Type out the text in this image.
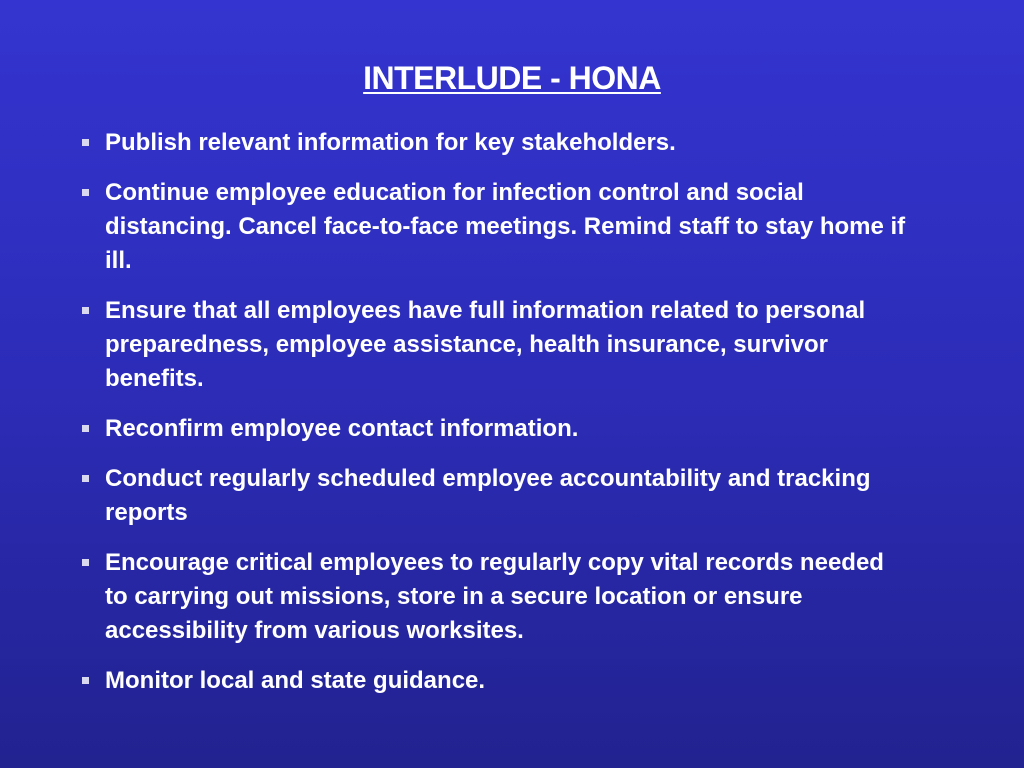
INTERLUDE - HONA
Publish relevant information for key stakeholders.
Continue employee education for infection control and social distancing. Cancel face-to-face meetings. Remind staff to stay home if ill.
Ensure that all employees have full information related to personal preparedness, employee assistance, health insurance, survivor benefits.
Reconfirm employee contact information.
Conduct regularly scheduled employee accountability and tracking reports
Encourage critical employees to regularly copy vital records needed to carrying out missions, store in a secure location or ensure accessibility from various worksites.
Monitor local and state guidance.
